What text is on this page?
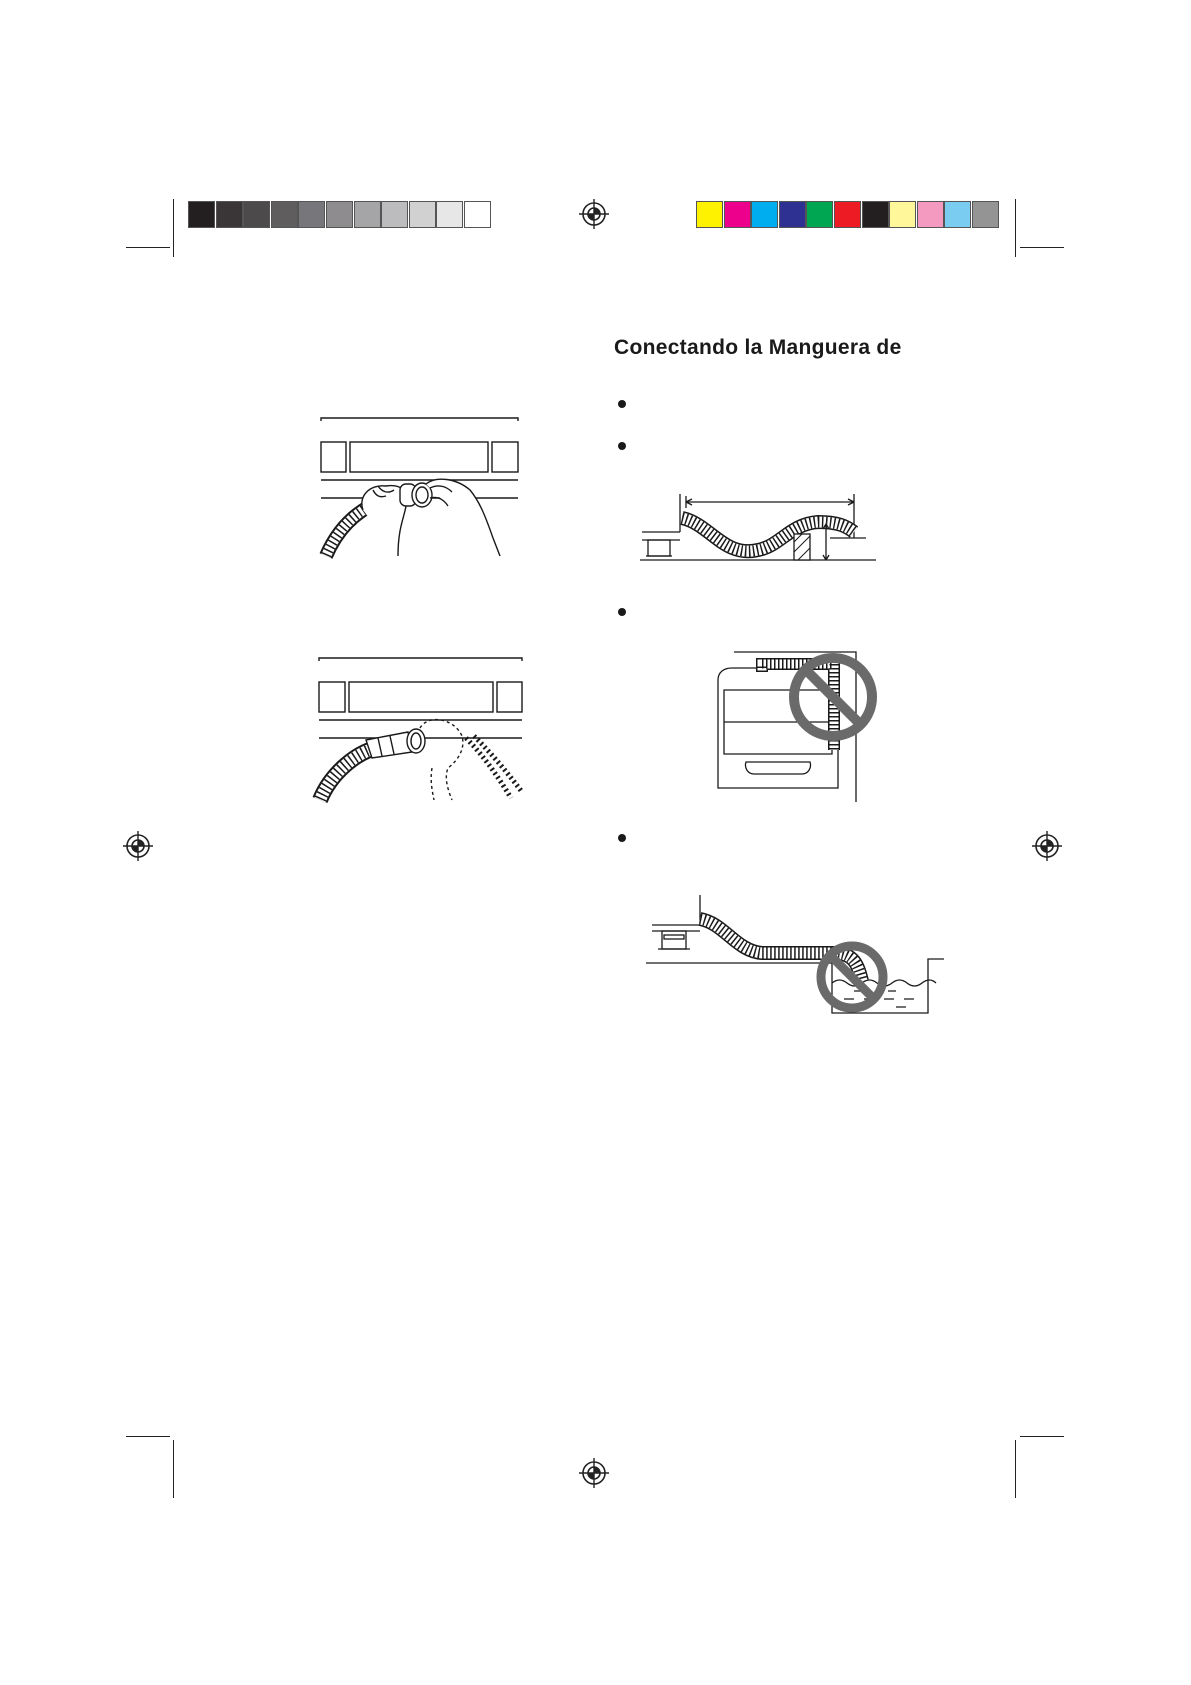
Conectando la Manguera de
